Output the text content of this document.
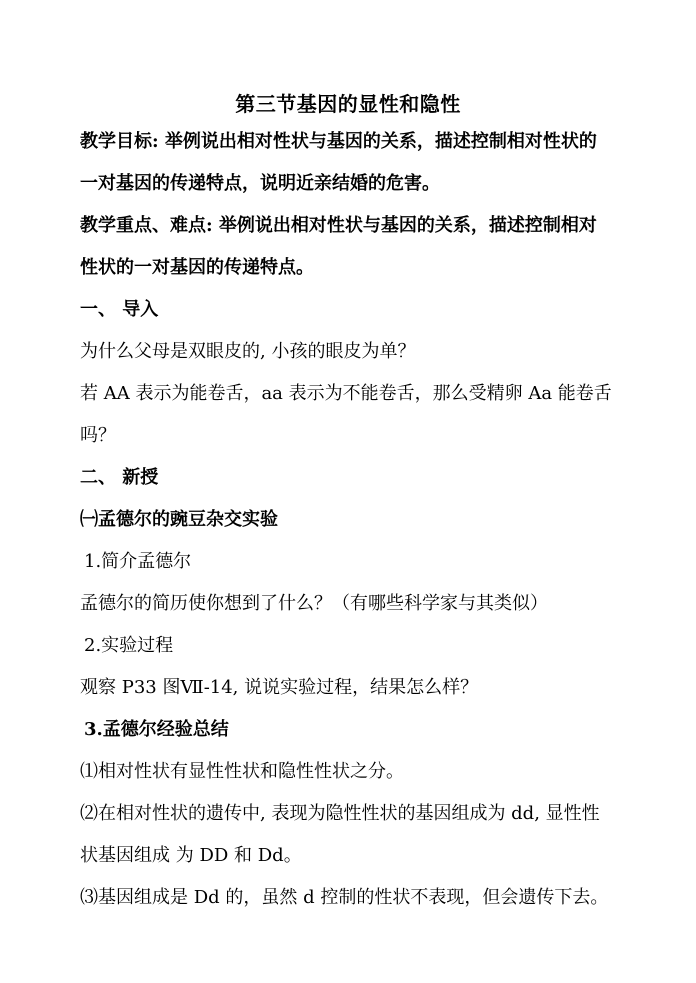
第三节基因的显性和隐性
教学目标: 举例说出相对性状与基因的关系，描述控制相对性状的
一对基因的传递特点，说明近亲结婚的危害。
教学重点、难点: 举例说出相对性状与基因的关系，描述控制相对
性状的一对基因的传递特点。
一、 导入
为什么父母是双眼皮的, 小孩的眼皮为单？
若 AA 表示为能卷舌，aa 表示为不能卷舌，那么受精卵 Aa 能卷舌
吗？
二、 新授
㈠孟德尔的豌豆杂交实验
1.简介孟德尔
孟德尔的简历使你想到了什么？（有哪些科学家与其类似）
2.实验过程
观察 P33 图Ⅶ-14, 说说实验过程，结果怎么样？
3.孟德尔经验总结
⑴相对性状有显性性状和隐性性状之分。
⑵在相对性状的遗传中, 表现为隐性性状的基因组成为 dd, 显性性
状基因组成 为 DD 和 Dd。
⑶基因组成是 Dd 的，虽然 d 控制的性状不表现，但会遗传下去。
